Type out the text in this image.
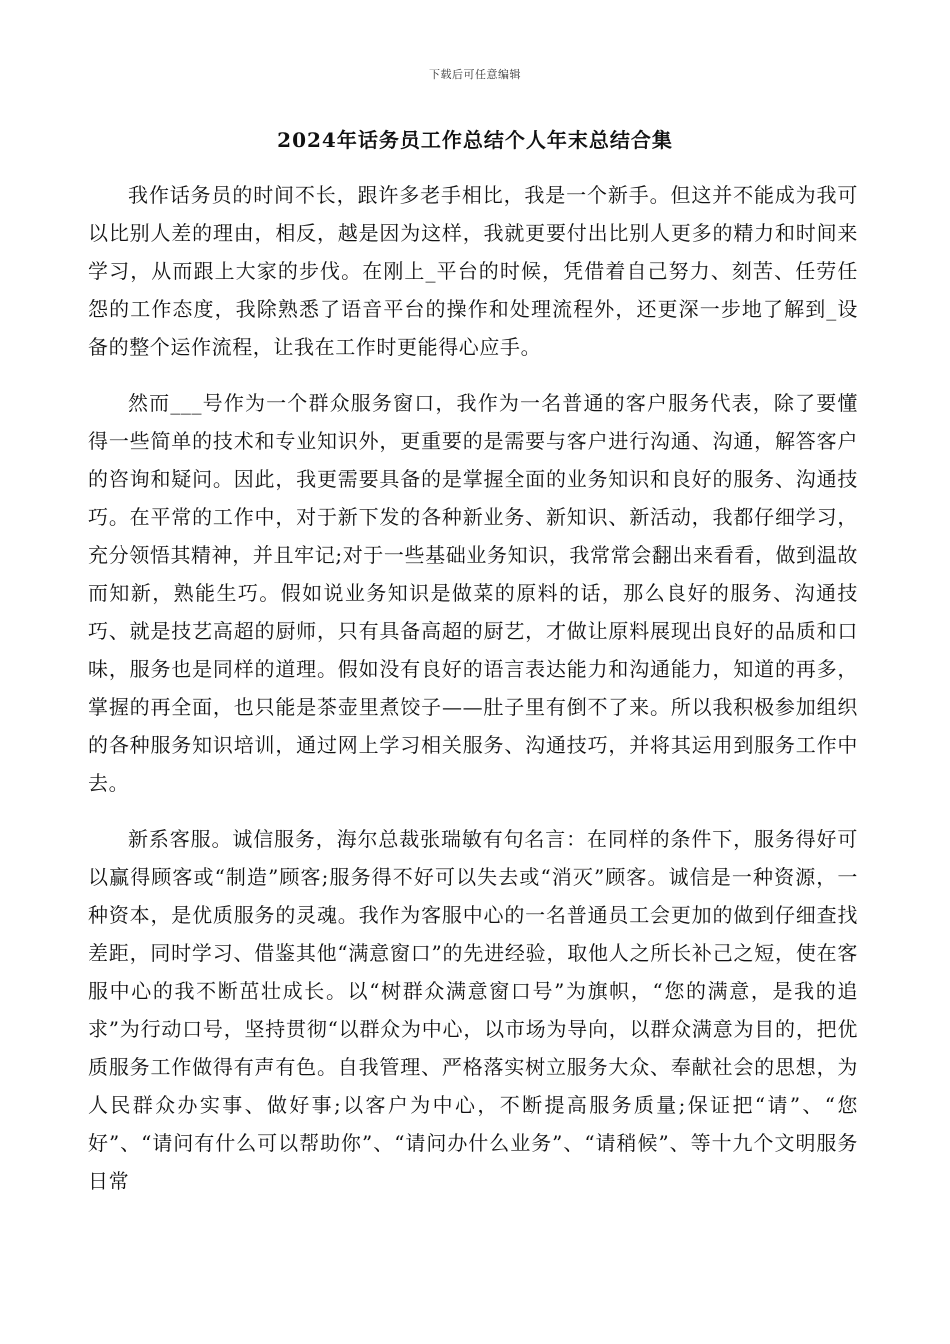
下载后可任意编辑
2024年话务员工作总结个人年末总结合集

我作话务员的时间不长，跟许多老手相比，我是一个新手。但这并不能成为我可以比别人差的理由，相反，越是因为这样，我就更要付出比别人更多的精力和时间来学习，从而跟上大家的步伐。在刚上_平台的时候，凭借着自己努力、刻苦、任劳任怨的工作态度，我除熟悉了语音平台的操作和处理流程外，还更深一步地了解到_设备的整个运作流程，让我在工作时更能得心应手。

然而___号作为一个群众服务窗口，我作为一名普通的客户服务代表，除了要懂得一些简单的技术和专业知识外，更重要的是需要与客户进行沟通、沟通，解答客户的咨询和疑问。因此，我更需要具备的是掌握全面的业务知识和良好的服务、沟通技巧。在平常的工作中，对于新下发的各种新业务、新知识、新活动，我都仔细学习，充分领悟其精神，并且牢记;对于一些基础业务知识，我常常会翻出来看看，做到温故而知新，熟能生巧。假如说业务知识是做菜的原料的话，那么良好的服务、沟通技巧、就是技艺高超的厨师，只有具备高超的厨艺，才做让原料展现出良好的品质和口味，服务也是同样的道理。假如没有良好的语言表达能力和沟通能力，知道的再多，掌握的再全面，也只能是茶壶里煮饺子——肚子里有倒不了来。所以我积极参加组织的各种服务知识培训，通过网上学习相关服务、沟通技巧，并将其运用到服务工作中去。

新系客服。诚信服务，海尔总裁张瑞敏有句名言：在同样的条件下，服务得好可以赢得顾客或“制造”顾客;服务得不好可以失去或“消灭”顾客。诚信是一种资源，一种资本，是优质服务的灵魂。我作为客服中心的一名普通员工会更加的做到仔细查找差距，同时学习、借鉴其他“满意窗口”的先进经验，取他人之所长补己之短，使在客服中心的我不断茁壮成长。以“树群众满意窗口号”为旗帜，“您的满意，是我的追求”为行动口号，坚持贯彻“以群众为中心，以市场为导向，以群众满意为目的，把优质服务工作做得有声有色。自我管理、严格落实树立服务大众、奉献社会的思想，为人民群众办实事、做好事;以客户为中心，不断提高服务质量;保证把“请”、“您好”、“请问有什么可以帮助你”、“请问办什么业务”、“请稍候”、等十九个文明服务日常
